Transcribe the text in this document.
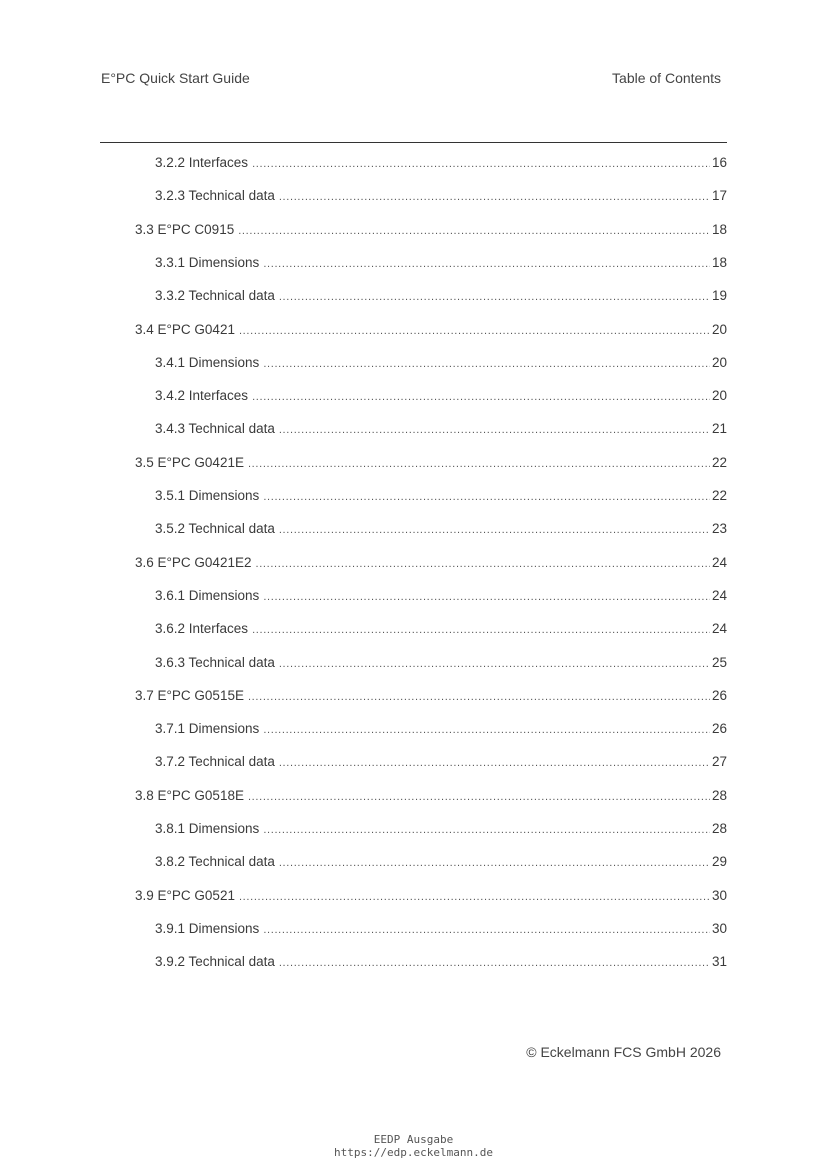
E°PC Quick Start Guide	Table of Contents
3.2.2 Interfaces . . .	16
3.2.3 Technical data . . .	17
3.3 E°PC C0915 . . .	18
3.3.1 Dimensions . . .	18
3.3.2 Technical data . . .	19
3.4 E°PC G0421 . . .	20
3.4.1 Dimensions . . .	20
3.4.2 Interfaces . . .	20
3.4.3 Technical data . . .	21
3.5 E°PC G0421E . . .	22
3.5.1 Dimensions . . .	22
3.5.2 Technical data . . .	23
3.6 E°PC G0421E2 . . .	24
3.6.1 Dimensions . . .	24
3.6.2 Interfaces . . .	24
3.6.3 Technical data . . .	25
3.7 E°PC G0515E . . .	26
3.7.1 Dimensions . . .	26
3.7.2 Technical data . . .	27
3.8 E°PC G0518E . . .	28
3.8.1 Dimensions . . .	28
3.8.2 Technical data . . .	29
3.9 E°PC G0521 . . .	30
3.9.1 Dimensions . . .	30
3.9.2 Technical data . . .	31
© Eckelmann FCS GmbH 2026
EEDP Ausgabe
https://edp.eckelmann.de
